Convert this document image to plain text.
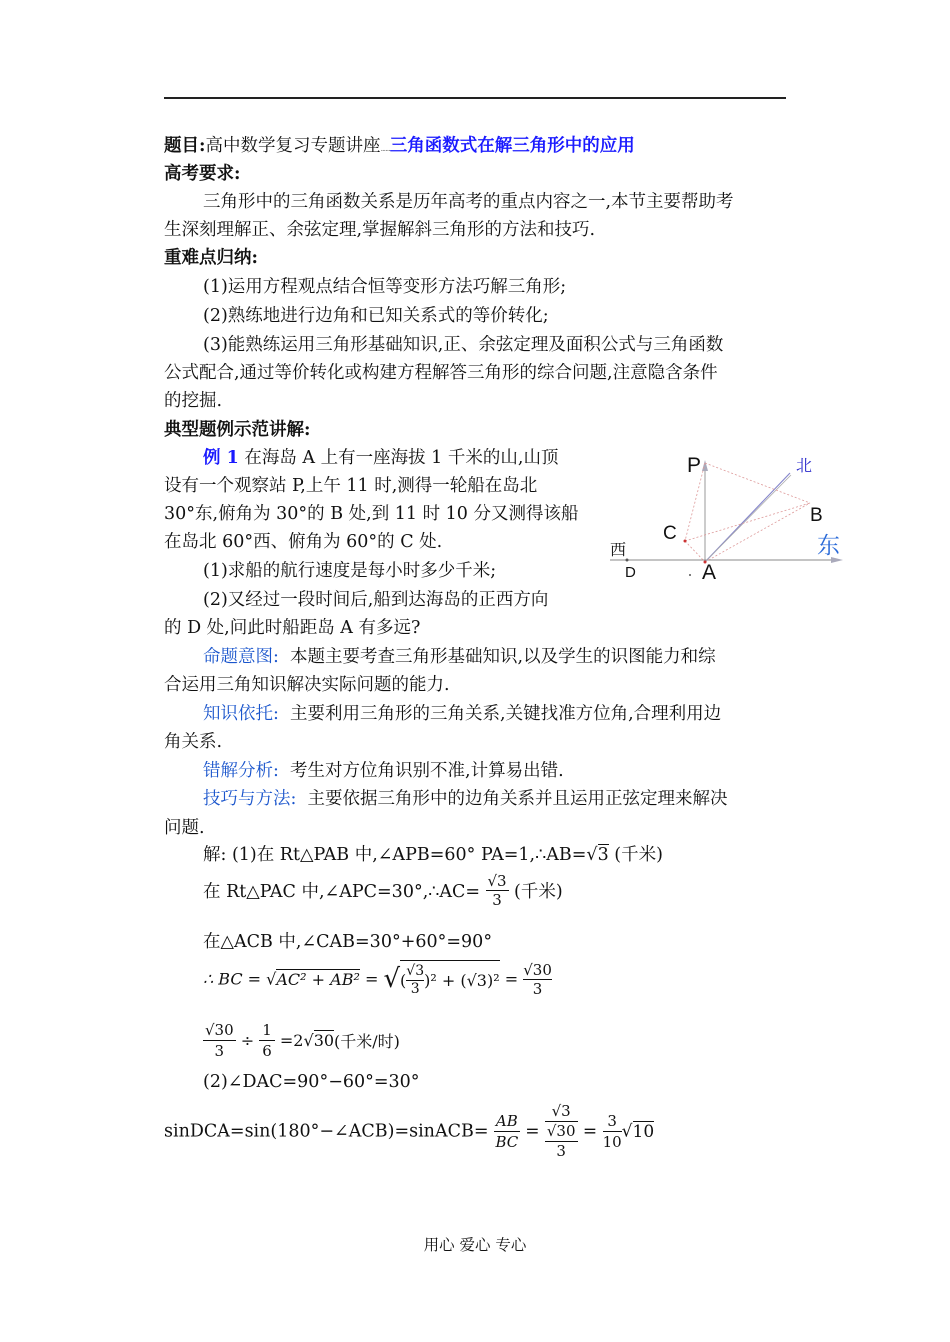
题目:高中数学复习专题讲座......三角函数式在解三角形中的应用
高考要求:
三角形中的三角函数关系是历年高考的重点内容之一,本节主要帮助考
生深刻理解正、余弦定理,掌握解斜三角形的方法和技巧.
重难点归纳:
(1)运用方程观点结合恒等变形方法巧解三角形;
(2)熟练地进行边角和已知关系式的等价转化;
(3)能熟练运用三角形基础知识,正、余弦定理及面积公式与三角函数
公式配合,通过等价转化或构建方程解答三角形的综合问题,注意隐含条件
的挖掘.
典型题例示范讲解:
例 1 在海岛 A 上有一座海拔 1 千米的山,山顶
设有一个观察站 P,上午 11 时,测得一轮船在岛北
30°东,俯角为 30°的 B 处,到 11 时 10 分又测得该船
在岛北 60°西、俯角为 60°的 C 处.
(1)求船的航行速度是每小时多少千米;
(2)又经过一段时间后,船到达海岛的正西方向
的 D 处,问此时船距岛 A 有多远?
P	北
B
C
西	东
D	A
命题意图: 本题主要考查三角形基础知识,以及学生的识图能力和综
合运用三角知识解决实际问题的能力.
知识依托: 主要利用三角形的三角关系,关键找准方位角,合理利用边
角关系.
错解分析: 考生对方位角识别不准,计算易出错.
技巧与方法: 主要依据三角形中的边角关系并且运用正弦定理来解决
问题.
解: (1)在 Rt△PAB 中,∠APB=60° PA=1,∴AB=√3 (千米)
在 Rt△PAC 中,∠APC=30°,∴AC= $\frac{√3}{3}$ (千米)
在△ACB 中,∠CAB=30°+60°=90°
∴ BC = √AC² + AB² = √( $\frac{√3}{3} )^2 + (√3)^2 = \frac{√30}{3}$
$\frac{√30}{3} \div \frac{1}{6} =2√30$(千米/时)
(2)∠DAC=90°−60°=30°
sinDCA=sin(180°−∠ACB)=sinACB= $\frac{AB}{BC}$ =
√3
√30
3
= $\frac{3}{10} √10$
用心 爱心 专心
